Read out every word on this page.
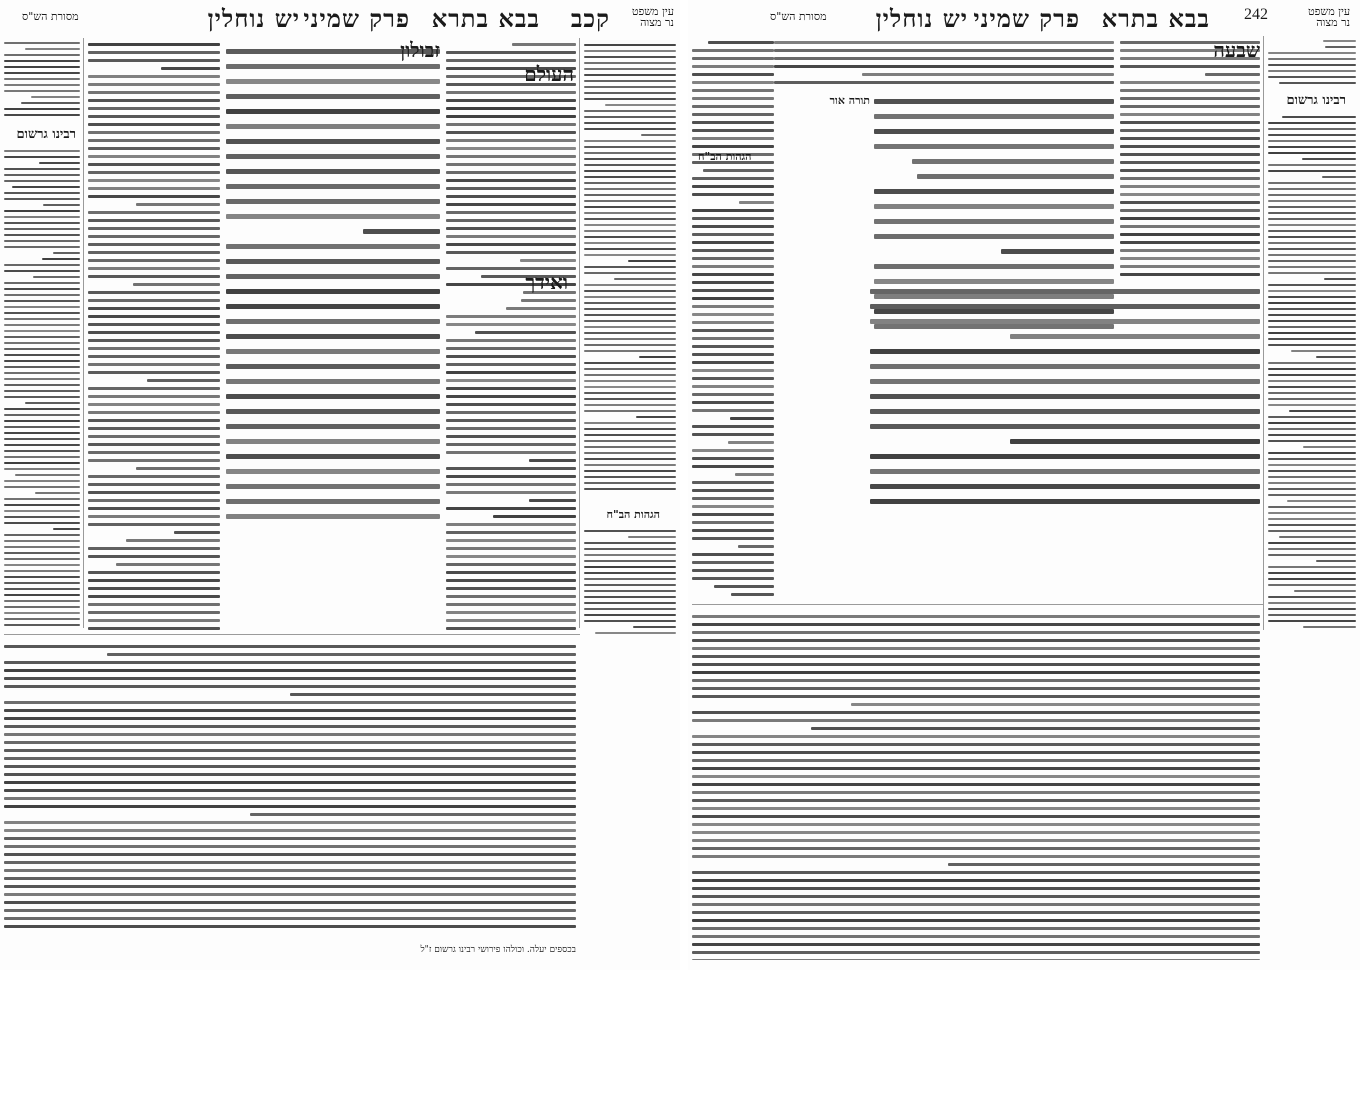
עין משפט
נר מצוה
קכב
בבא בתרא
פרק שמיני
יש נוחלין
מסורת הש"ס
הגהות הב"ח
העולם
ואידך
זבולון
רבינו גרשום
בכספים יעלה. וכולהו פירושי רבינו גרשום ז"ל
242	עין משפט
נר מצוה
בבא בתרא
פרק שמיני
יש נוחלין
מסורת הש"ס
רבינו גרשום
שבעה
תורה אור
הגהות הב"ח
